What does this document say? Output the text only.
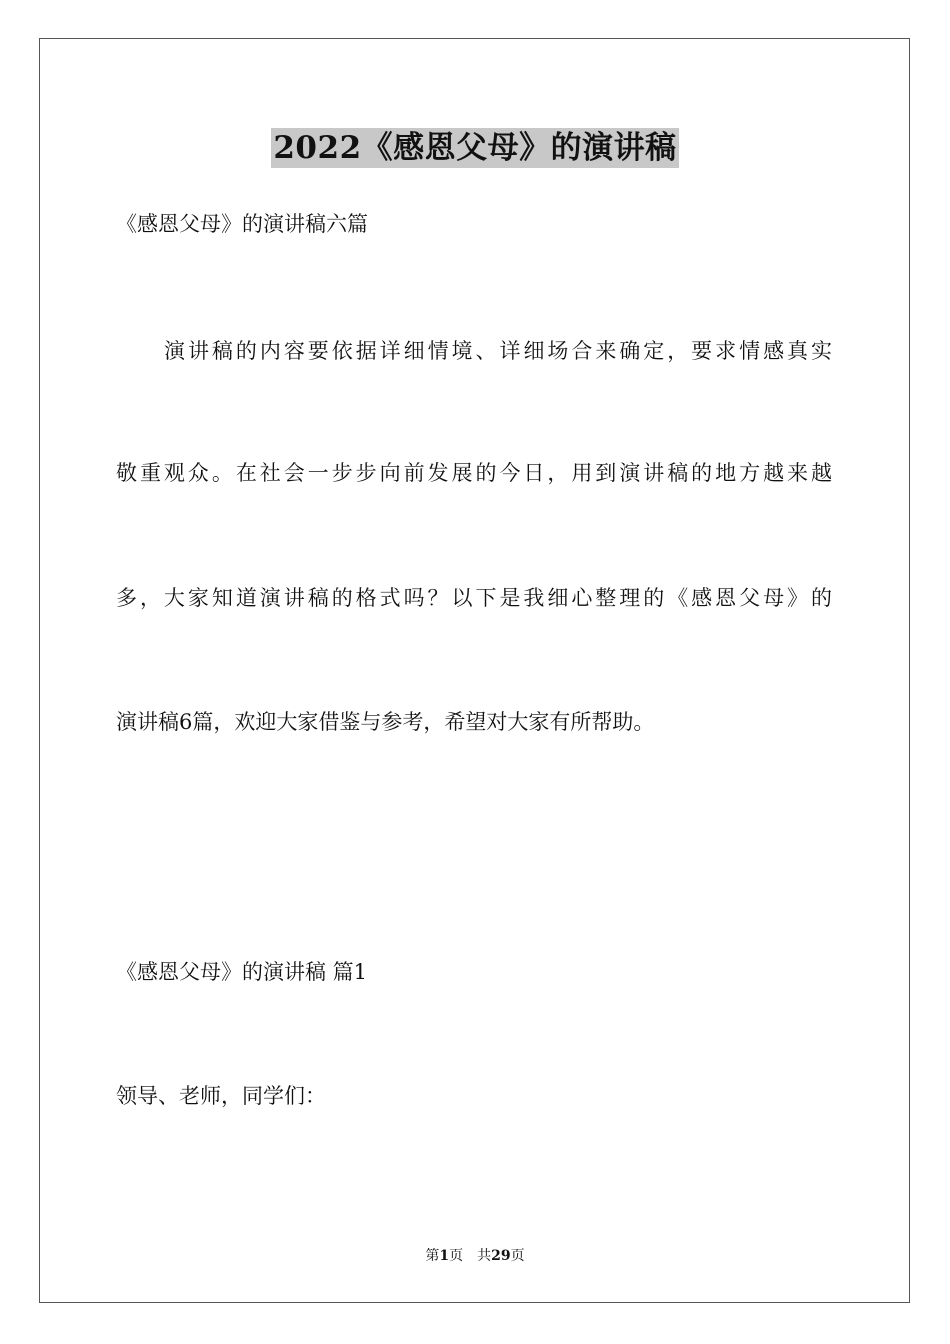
2022《感恩父母》的演讲稿
《感恩父母》的演讲稿六篇
演讲稿的内容要依据详细情境、详细场合来确定，要求情感真实
敬重观众。在社会一步步向前发展的今日，用到演讲稿的地方越来越
多，大家知道演讲稿的格式吗？以下是我细心整理的《感恩父母》的
演讲稿6篇，欢迎大家借鉴与参考，希望对大家有所帮助。
《感恩父母》的演讲稿 篇1
领导、老师，同学们：
第1页 共29页
